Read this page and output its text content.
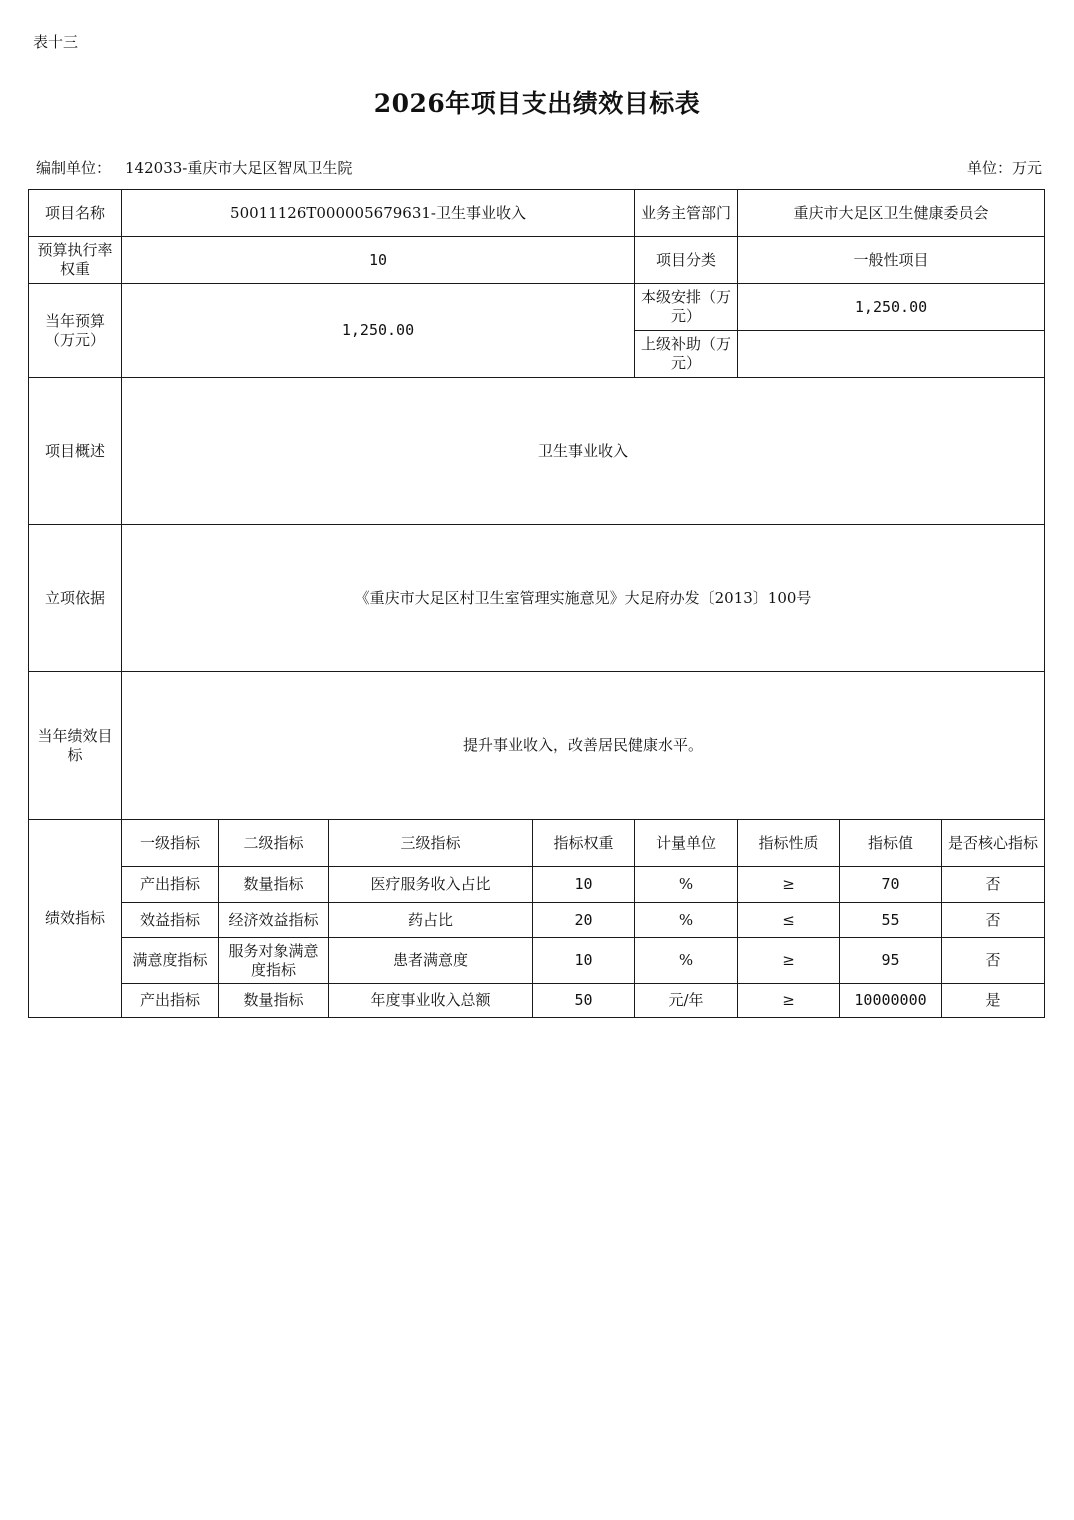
表十三
2026年项目支出绩效目标表
编制单位： 142033-重庆市大足区智凤卫生院	单位：万元
项目名称	50011126T000005679631-卫生事业收入				业务主管部门	重庆市大足区卫生健康委员会		
预算执行率权重	10				项目分类	一般性项目		
当年预算（万元）	1,250.00				本级安排（万元）	1,250.00		
					上级补助（万元）			
项目概述	卫生事业收入							
立项依据	《重庆市大足区村卫生室管理实施意见》大足府办发〔2013〕100号							
当年绩效目标	提升事业收入，改善居民健康水平。							
绩效指标	一级指标	二级指标	三级指标	指标权重	计量单位	指标性质	指标值	是否核心指标
	产出指标	数量指标	医疗服务收入占比	10	%	≥	70	否
	效益指标	经济效益指标	药占比	20	%	≤	55	否
	满意度指标	服务对象满意度指标	患者满意度	10	%	≥	95	否
	产出指标	数量指标	年度事业收入总额	50	元/年	≥	10000000	是
